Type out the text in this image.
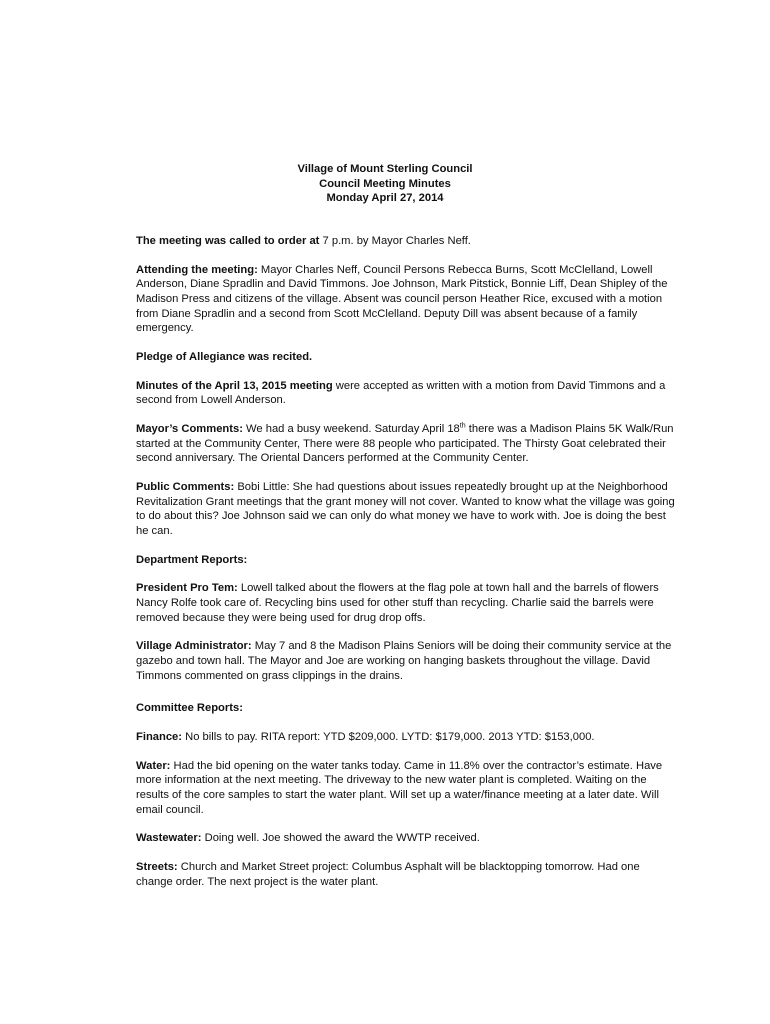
Village of Mount Sterling Council
Council Meeting Minutes
Monday April 27, 2014

The meeting was called to order at 7 p.m. by Mayor Charles Neff.

Attending the meeting: Mayor Charles Neff, Council Persons Rebecca Burns, Scott McClelland, Lowell Anderson, Diane Spradlin and David Timmons. Joe Johnson, Mark Pitstick, Bonnie Liff, Dean Shipley of the Madison Press and citizens of the village. Absent was council person Heather Rice, excused with a motion from Diane Spradlin and a second from Scott McClelland. Deputy Dill was absent because of a family emergency.

Pledge of Allegiance was recited.

Minutes of the April 13, 2015 meeting were accepted as written with a motion from David Timmons and a second from Lowell Anderson.

Mayor’s Comments: We had a busy weekend. Saturday April 18th there was a Madison Plains 5K Walk/Run started at the Community Center, There were 88 people who participated. The Thirsty Goat celebrated their second anniversary. The Oriental Dancers performed at the Community Center.

Public Comments: Bobi Little: She had questions about issues repeatedly brought up at the Neighborhood Revitalization Grant meetings that the grant money will not cover. Wanted to know what the village was going to do about this? Joe Johnson said we can only do what money we have to work with. Joe is doing the best he can.

Department Reports:

President Pro Tem: Lowell talked about the flowers at the flag pole at town hall and the barrels of flowers Nancy Rolfe took care of. Recycling bins used for other stuff than recycling. Charlie said the barrels were removed because they were being used for drug drop offs.

Village Administrator: May 7 and 8 the Madison Plains Seniors will be doing their community service at the gazebo and town hall. The Mayor and Joe are working on hanging baskets throughout the village. David Timmons commented on grass clippings in the drains.

Committee Reports:

Finance: No bills to pay. RITA report: YTD $209,000. LYTD: $179,000. 2013 YTD: $153,000.

Water: Had the bid opening on the water tanks today. Came in 11.8% over the contractor’s estimate. Have more information at the next meeting. The driveway to the new water plant is completed. Waiting on the results of the core samples to start the water plant. Will set up a water/finance meeting at a later date. Will email council.

Wastewater: Doing well. Joe showed the award the WWTP received.

Streets: Church and Market Street project: Columbus Asphalt will be blacktopping tomorrow. Had one change order. The next project is the water plant.
